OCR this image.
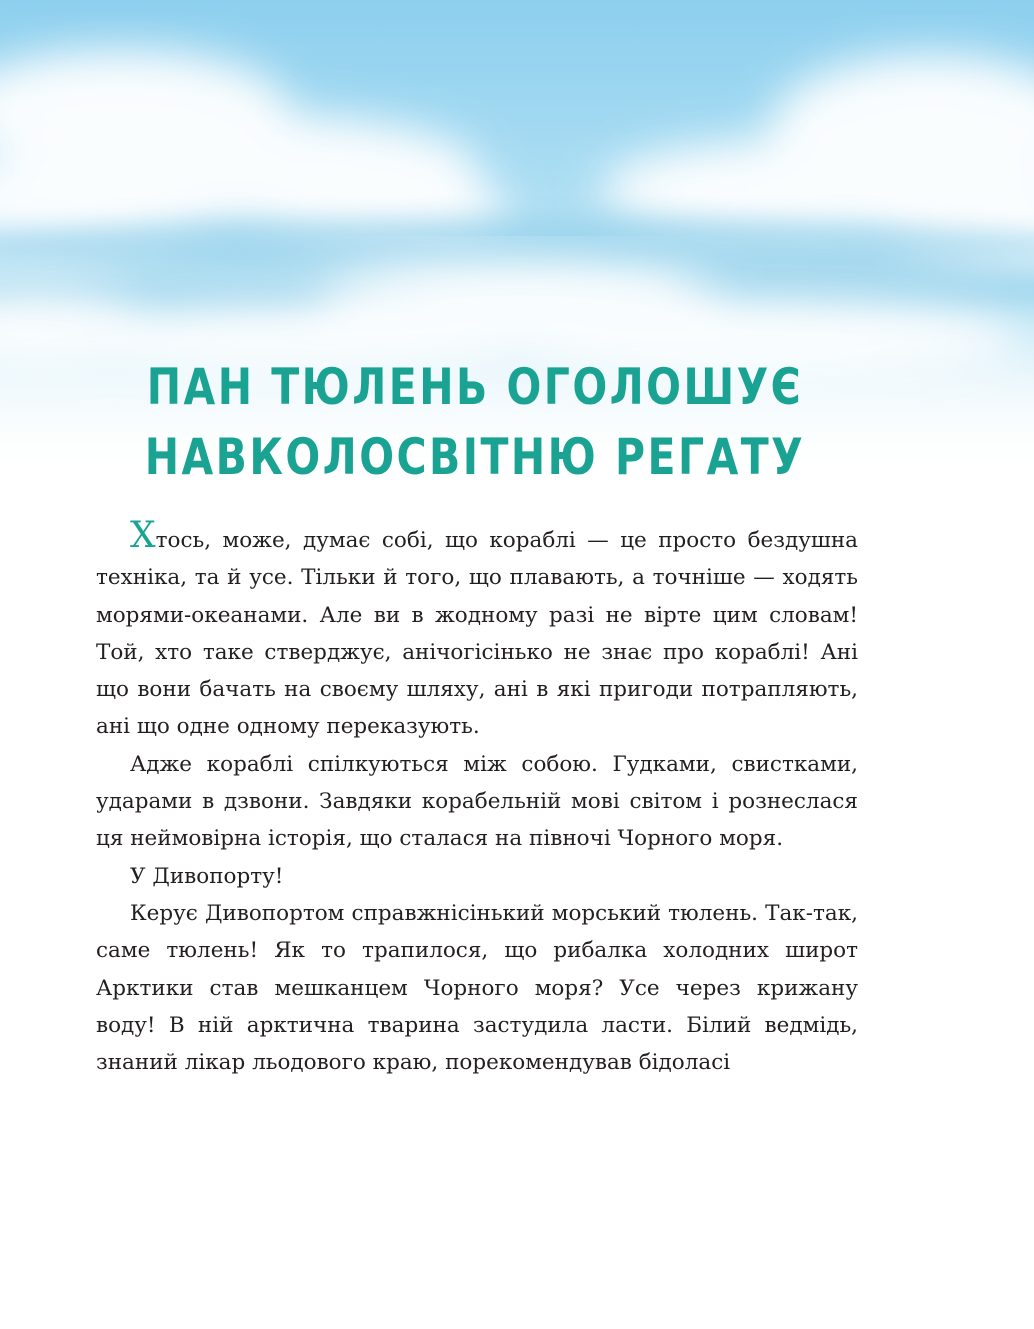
ПАН ТЮЛЕНЬ ОГОЛОШУЄ
НАВКОЛОСВІТНЮ РЕГАТУ

Хтось, може, думає собі, що кораблі — це просто бездушна техніка, та й усе. Тільки й того, що плавають, а точніше — ходять морями-океанами. Але ви в жодному разі не вірте цим словам! Той, хто таке стверджує, анічогісінько не знає про кораблі! Ані що вони бачать на своєму шляху, ані в які пригоди потрапляють, ані що одне одному переказують.

Адже кораблі спілкуються між собою. Гудками, свистками, ударами в дзвони. Завдяки корабельній мові світом і рознеслася ця неймовірна історія, що сталася на півночі Чорного моря.

У Дивопорту!

Керує Дивопортом справжнісінький морський тюлень. Так-так, саме тюлень! Як то трапилося, що рибалка холодних широт Арктики став мешканцем Чорного моря? Усе через крижану воду! В ній арктична тварина застудила ласти. Білий ведмідь, знаний лікар льодового краю, порекомендував бідоласі
